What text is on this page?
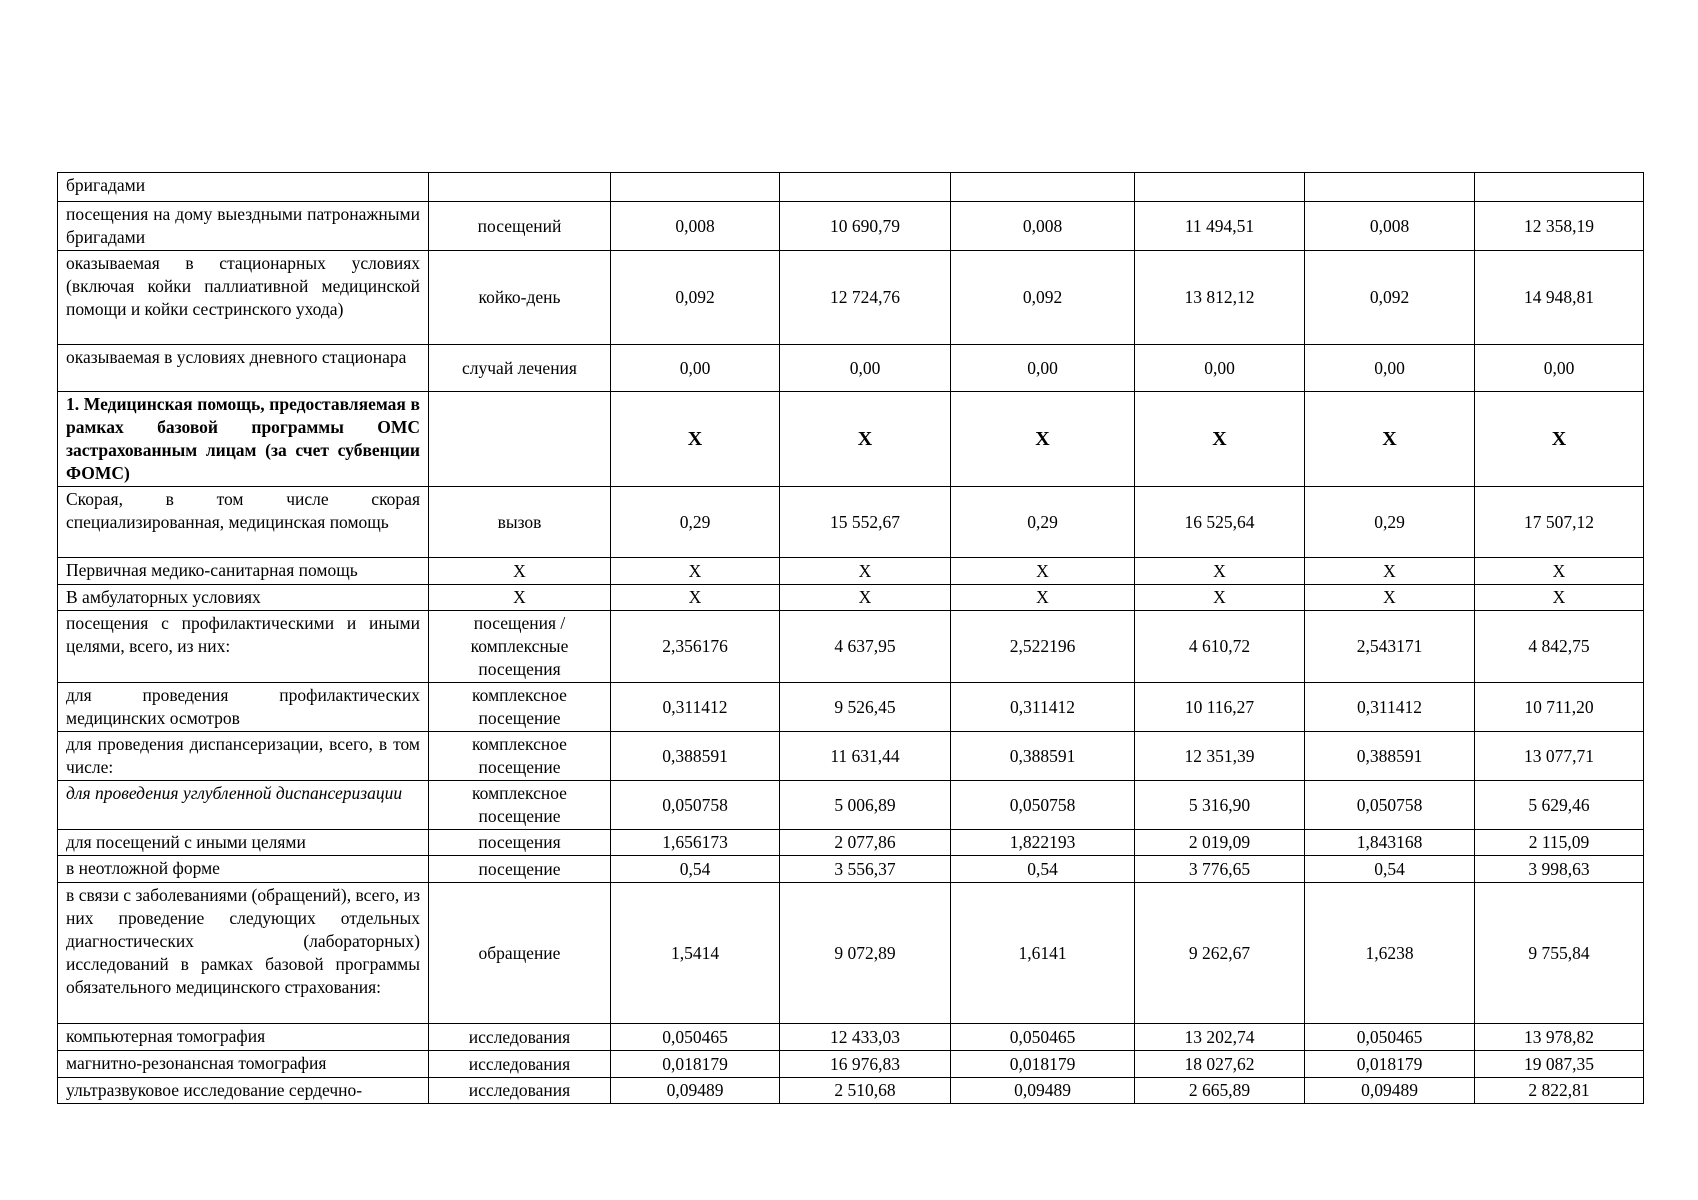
бригадами							
посещения на дому выездными патронажными бригадами	посещений	0,008	10 690,79	0,008	11 494,51	0,008	12 358,19
оказываемая в стационарных условиях (включая койки паллиативной медицинской помощи и койки сестринского ухода)	койко-день	0,092	12 724,76	0,092	13 812,12	0,092	14 948,81
оказываемая в условиях дневного стационара	случай лечения	0,00	0,00	0,00	0,00	0,00	0,00
1. Медицинская помощь, предоставляемая в рамках базовой программы ОМС застрахованным лицам (за счет субвенции ФОМС)		X	X	X	X	X	X
Скорая, в том числе скорая специализированная, медицинская помощь	вызов	0,29	15 552,67	0,29	16 525,64	0,29	17 507,12
Первичная медико-санитарная помощь	X	X	X	X	X	X	X
В амбулаторных условиях	X	X	X	X	X	X	X
посещения с профилактическими и иными целями, всего, из них:	посещения / комплексные посещения	2,356176	4 637,95	2,522196	4 610,72	2,543171	4 842,75
для проведения профилактических медицинских осмотров	комплексное посещение	0,311412	9 526,45	0,311412	10 116,27	0,311412	10 711,20
для проведения диспансеризации, всего, в том числе:	комплексное посещение	0,388591	11 631,44	0,388591	12 351,39	0,388591	13 077,71
для проведения углубленной диспансеризации	комплексное посещение	0,050758	5 006,89	0,050758	5 316,90	0,050758	5 629,46
для посещений с иными целями	посещения	1,656173	2 077,86	1,822193	2 019,09	1,843168	2 115,09
в неотложной форме	посещение	0,54	3 556,37	0,54	3 776,65	0,54	3 998,63
в связи с заболеваниями (обращений), всего, из них проведение следующих отдельных диагностических (лабораторных) исследований в рамках базовой программы обязательного медицинского страхования:	обращение	1,5414	9 072,89	1,6141	9 262,67	1,6238	9 755,84
компьютерная томография	исследования	0,050465	12 433,03	0,050465	13 202,74	0,050465	13 978,82
магнитно-резонансная томография	исследования	0,018179	16 976,83	0,018179	18 027,62	0,018179	19 087,35
ультразвуковое исследование сердечно-	исследования	0,09489	2 510,68	0,09489	2 665,89	0,09489	2 822,81
